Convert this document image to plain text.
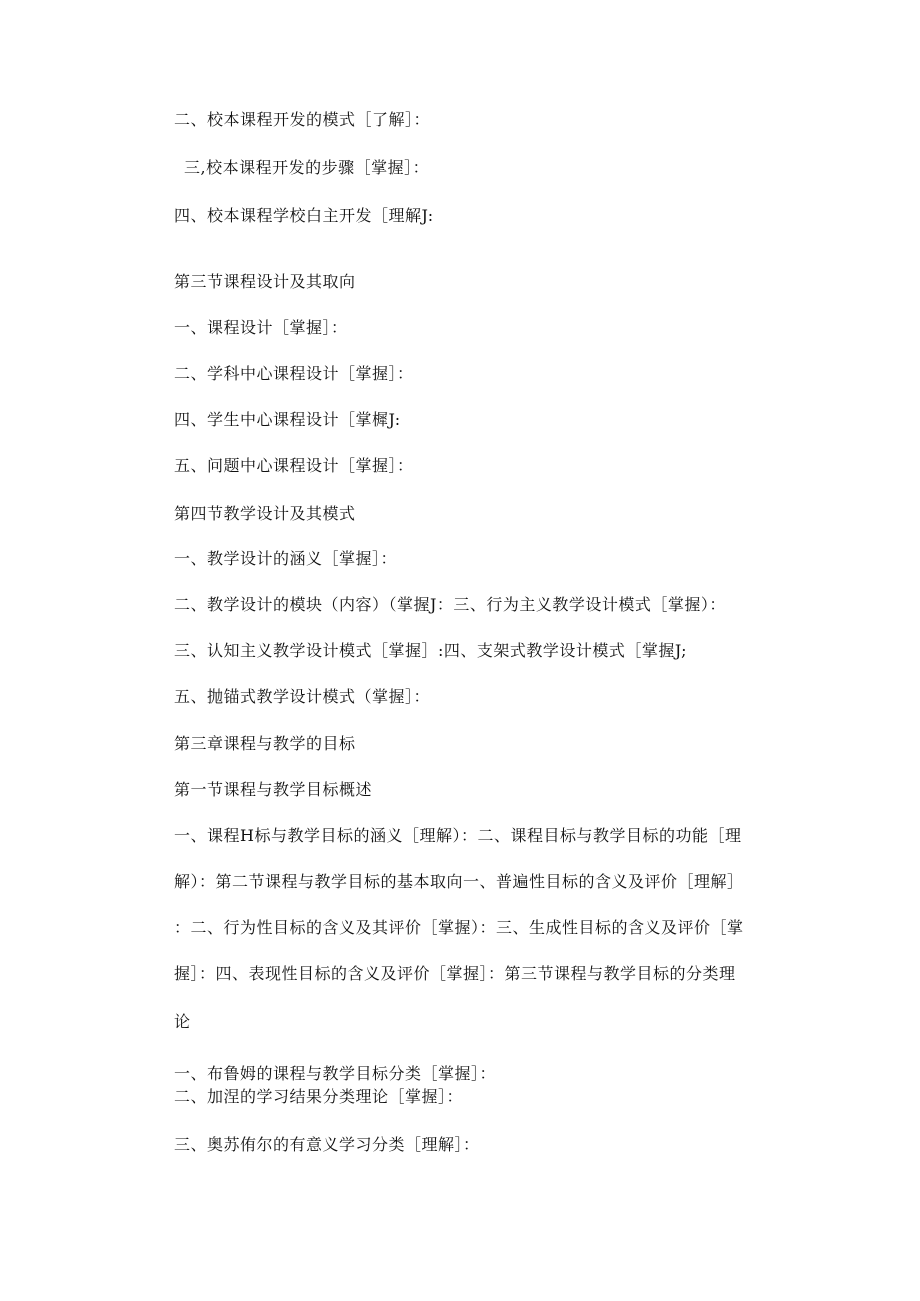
二、校本课程开发的模式［了解］：
三,校本课程开发的步骤［掌握］：
四、校本课程学校白主开发［理解J:
第三节课程设计及其取向
一、课程设计［掌握］：
二、学科中心课程设计［掌握］：
四、学生中心课程设计［掌樨J:
五、问题中心课程设计［掌握］：
第四节教学设计及其模式
一、教学设计的涵义［掌握］：
二、教学设计的模块（内容）（掌握J：三、行为主义教学设计模式［掌握）：
三、认知主义教学设计模式［掌握］:四、支架式教学设计模式［掌握J;
五、抛锚式教学设计模式（掌握］：
第三章课程与教学的目标
第一节课程与教学目标概述
一、课程H标与教学目标的涵义［理解）：二、课程目标与教学目标的功能［理
解）：第二节课程与教学目标的基本取向一、普遍性目标的含义及评价［理解］
：二、行为性目标的含义及其评价［掌握）：三、生成性目标的含义及评价［掌
握］：四、表现性目标的含义及评价［掌握］：第三节课程与教学目标的分类理
论
一、布鲁姆的课程与教学目标分类［掌握］：
二、加涅的学习结果分类理论［掌握］：
三、奥苏侑尔的有意义学习分类［理解］：
